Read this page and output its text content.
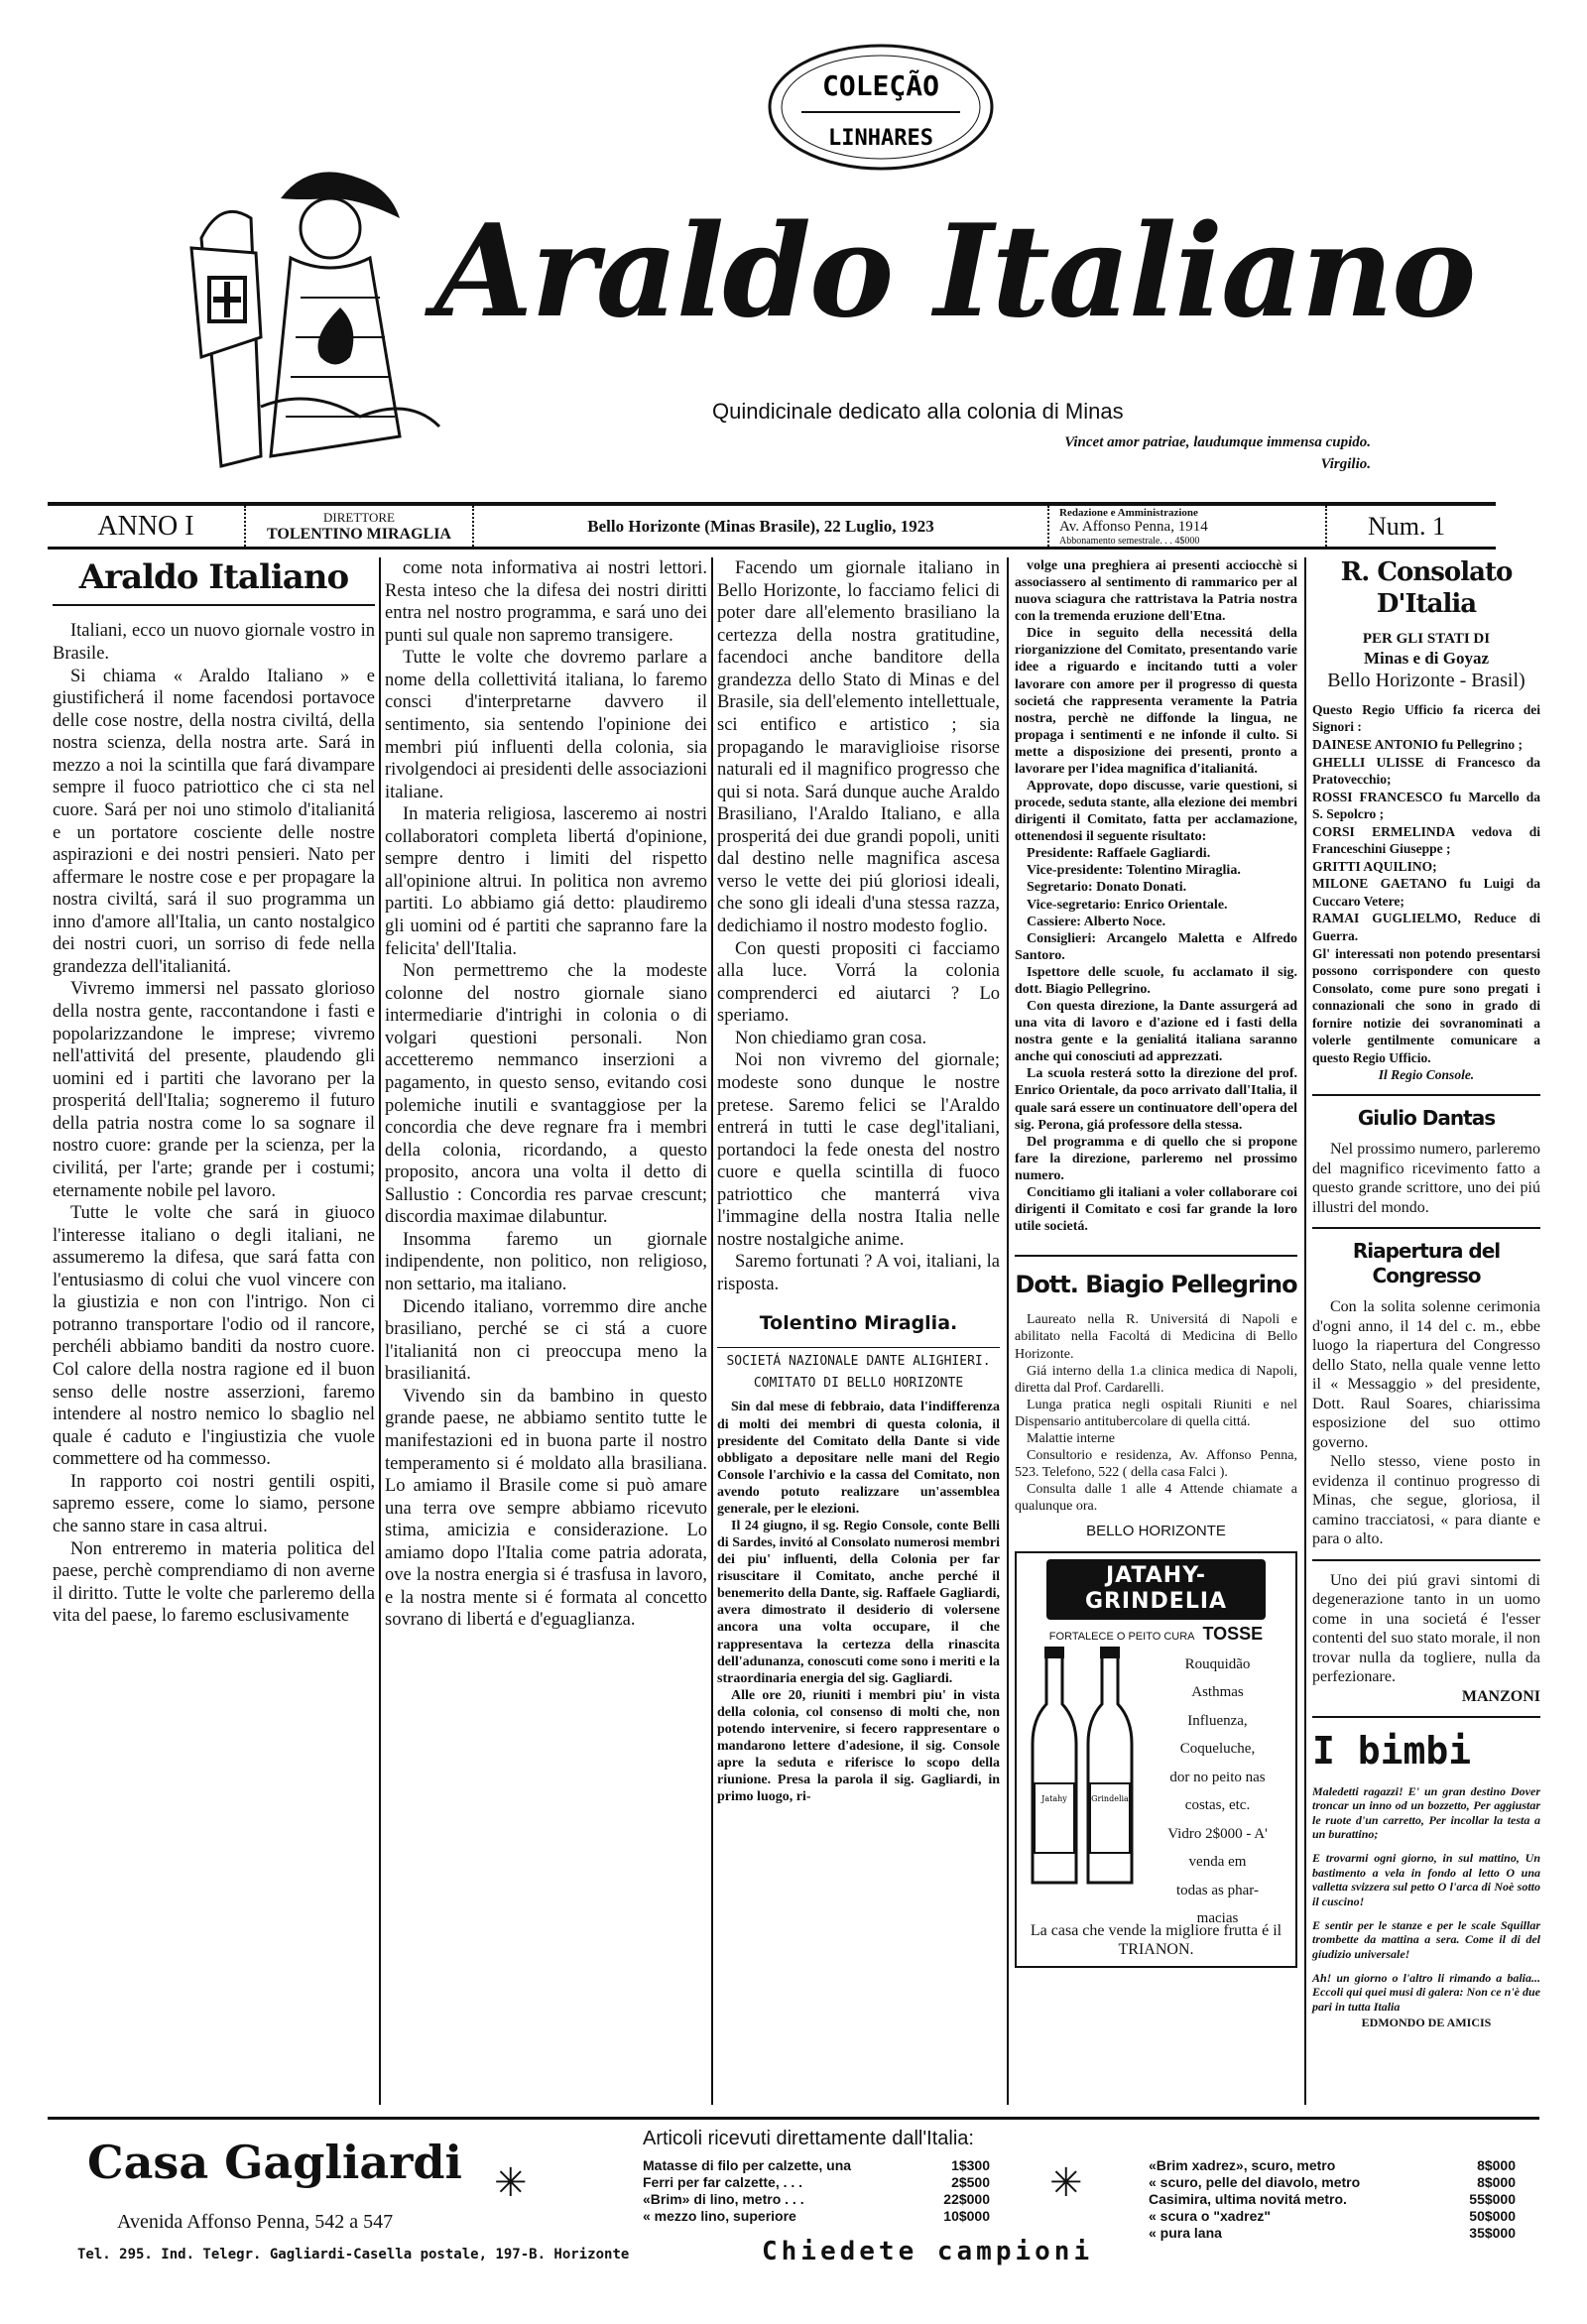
COLEÇÃO
LINHARES
Araldo Italiano
Quindicinale dedicato alla colonia di Minas
Vincet amor patriae, laudumque immensa cupido.
Virgilio.
ANNO I	DIRETTORE
TOLENTINO MIRAGLIA	Bello Horizonte (Minas Brasile), 22 Luglio, 1923
Redazione e Amministrazione
Av. Affonso Penna, 1914
Abbonamento semestrale. . . 4$000
Num. 1
Araldo Italiano

Italiani, ecco un nuovo giornale vostro in Brasile.

Si chiama « Araldo Italiano » e giustificherá il nome facendosi portavoce delle cose nostre, della nostra civiltá, della nostra scienza, della nostra arte. Sará in mezzo a noi la scintilla que fará divampare sempre il fuoco patriottico che ci sta nel cuore. Sará per noi uno stimolo d'italianitá e un portatore cosciente delle nostre aspirazioni e dei nostri pensieri. Nato per affermare le nostre cose e per propagare la nostra civiltá, sará il suo programma un inno d'amore all'Italia, un canto nostalgico dei nostri cuori, un sorriso di fede nella grandezza dell'italianitá.

Vivremo immersi nel passato glorioso della nostra gente, raccontandone i fasti e popolarizzandone le imprese; vivremo nell'attivitá del presente, plaudendo gli uomini ed i partiti che lavorano per la prosperitá dell'Italia; sogneremo il futuro della patria nostra come lo sa sognare il nostro cuore: grande per la scienza, per la civilitá, per l'arte; grande per i costumi; eternamente nobile pel lavoro.

Tutte le volte che sará in giuoco l'interesse italiano o degli italiani, ne assumeremo la difesa, que sará fatta con l'entusiasmo di colui che vuol vincere con la giustizia e non con l'intrigo. Non ci potranno transportare l'odio od il rancore, perchéli abbiamo banditi da nostro cuore. Col calore della nostra ragione ed il buon senso delle nostre asserzioni, faremo intendere al nostro nemico lo sbaglio nel quale é caduto e l'ingiustizia che vuole commettere od ha commesso.

In rapporto coi nostri gentili ospiti, sapremo essere, come lo siamo, persone che sanno stare in casa altrui.

Non entreremo in materia politica del paese, perchè comprendiamo di non averne il diritto. Tutte le volte che parleremo della vita del paese, lo faremo esclusivamente

come nota informativa ai nostri lettori. Resta inteso che la difesa dei nostri diritti entra nel nostro programma, e sará uno dei punti sul quale non sapremo transigere.

Tutte le volte che dovremo parlare a nome della collettivitá italiana, lo faremo consci d'interpretarne davvero il sentimento, sia sentendo l'opinione dei membri piú influenti della colonia, sia rivolgendoci ai presidenti delle associazioni italiane.

In materia religiosa, lasceremo ai nostri collaboratori completa libertá d'opinione, sempre dentro i limiti del rispetto all'opinione altrui. In politica non avremo partiti. Lo abbiamo giá detto: plaudiremo gli uomini od é partiti che sapranno fare la felicita' dell'Italia.

Non permettremo che la modeste colonne del nostro giornale siano intermediarie d'intrighi in colonia o di volgari questioni personali. Non accetteremo nemmanco inserzioni a pagamento, in questo senso, evitando cosi polemiche inutili e svantaggiose per la concordia che deve regnare fra i membri della colonia, ricordando, a questo proposito, ancora una volta il detto di Sallustio : Concordia res parvae crescunt; discordia maximae dilabuntur.

Insomma faremo un giornale indipendente, non politico, non religioso, non settario, ma italiano.

Dicendo italiano, vorremmo dire anche brasiliano, perché se ci stá a cuore l'italianitá non ci preoccupa meno la brasilianitá.

Vivendo sin da bambino in questo grande paese, ne abbiamo sentito tutte le manifestazioni ed in buona parte il nostro temperamento si é moldato alla brasiliana. Lo amiamo il Brasile come si può amare una terra ove sempre abbiamo ricevuto stima, amicizia e considerazione. Lo amiamo dopo l'Italia come patria adorata, ove la nostra energia si é trasfusa in lavoro, e la nostra mente si é formata al concetto sovrano di libertá e d'eguaglianza.

Facendo um giornale italiano in Bello Horizonte, lo facciamo felici di poter dare all'elemento brasiliano la certezza della nostra gratitudine, facendoci anche banditore della grandezza dello Stato di Minas e del Brasile, sia dell'elemento intellettuale, sci entifico e artistico ; sia propagando le maraviglioise risorse naturali ed il magnifico progresso che qui si nota. Sará dunque auche Araldo Brasiliano, l'Araldo Italiano, e alla prosperitá dei due grandi popoli, uniti dal destino nelle magnifica ascesa verso le vette dei piú gloriosi ideali, che sono gli ideali d'una stessa razza, dedichiamo il nostro modesto foglio.

Con questi propositi ci facciamo alla luce. Vorrá la colonia comprenderci ed aiutarci ? Lo speriamo.

Non chiediamo gran cosa.

Noi non vivremo del giornale; modeste sono dunque le nostre pretese. Saremo felici se l'Araldo entrerá in tutti le case degl'italiani, portandoci la fede onesta del nostro cuore e quella scintilla di fuoco patriottico che manterrá viva l'immagine della nostra Italia nelle nostre nostalgiche anime.

Saremo fortunati ? A voi, italiani, la risposta.

Tolentino Miraglia.
SOCIETÁ NAZIONALE DANTE ALIGHIERI.
COMITATO DI BELLO HORIZONTE

Sin dal mese di febbraio, data l'indifferenza di molti dei membri di questa colonia, il presidente del Comitato della Dante si vide obbligato a depositare nelle mani del Regio Console l'archivio e la cassa del Comitato, non avendo potuto realizzare un'assemblea generale, per le elezioni.

Il 24 giugno, il sg. Regio Console, conte Belli di Sardes, invitó al Consolato numerosi membri dei piu' influenti, della Colonia per far risuscitare il Comitato, anche perché il benemerito della Dante, sig. Raffaele Gagliardi, avera dimostrato il desiderio di volersene ancora una volta occupare, il che rappresentava la certezza della rinascita dell'adunanza, conoscuti come sono i meriti e la straordinaria energia del sig. Gagliardi.

Alle ore 20, riuniti i membri piu' in vista della colonia, col consenso di molti che, non potendo intervenire, si fecero rappresentare o mandarono lettere d'adesione, il sig. Console apre la seduta e riferisce lo scopo della riunione. Presa la parola il sig. Gagliardi, in primo luogo, ri-

volge una preghiera ai presenti acciocchè si associassero al sentimento di rammarico per al nuova sciagura che rattristava la Patria nostra con la tremenda eruzione dell'Etna.

Dice in seguito della necessitá della riorganizzione del Comitato, presentando varie idee a riguardo e incitando tutti a voler lavorare con amore per il progresso di questa societá che rappresenta veramente la Patria nostra, perchè ne diffonde la lingua, ne propaga i sentimenti e ne infonde il culto. Si mette a disposizione dei presenti, pronto a lavorare per l'idea magnifica d'italianitá.

Approvate, dopo discusse, varie questioni, si procede, seduta stante, alla elezione dei membri dirigenti il Comitato, fatta per acclamazione, ottenendosi il seguente risultato:

Presidente: Raffaele Gagliardi.

Vice-presidente: Tolentino Miraglia.

Segretario: Donato Donati.

Vice-segretario: Enrico Orientale.

Cassiere: Alberto Noce.

Consiglieri: Arcangelo Maletta e Alfredo Santoro.

Ispettore delle scuole, fu acclamato il sig. dott. Biagio Pellegrino.

Con questa direzione, la Dante assurgerá ad una vita di lavoro e d'azione ed i fasti della nostra gente e la genialitá italiana saranno anche qui conosciuti ad apprezzati.

La scuola resterá sotto la direzione del prof. Enrico Orientale, da poco arrivato dall'Italia, il quale sará essere un continuatore dell'opera del sig. Perona, giá professore della stessa.

Del programma e di quello che si propone fare la direzione, parleremo nel prossimo numero.

Concitiamo gli italiani a voler collaborare coi dirigenti il Comitato e cosi far grande la loro utile societá.

Dott. Biagio Pellegrino

Laureato nella R. Universitá di Napoli e abilitato nella Facoltá di Medicina di Bello Horizonte.

Giá interno della 1.a clinica medica di Napoli, diretta dal Prof. Cardarelli.

Lunga pratica negli ospitali Riuniti e nel Dispensario antitubercolare di quella cittá.

Malattie interne

Consultorio e residenza, Av. Affonso Penna, 523. Telefono, 522 ( della casa Falci ).

Consulta dalle 1 alle 4 Attende chiamate a qualunque ora.

BELLO HORIZONTE
JATAHY-GRINDELIA
FORTALECE O PEITO CURA TOSSE
Jatahy	Grindelia
Rouquidão
Asthmas
Influenza,
Coqueluche,
dor no peito nas
costas, etc.
Vidro 2$000 - A'
venda em
todas as phar-
macias
La casa che vende la migliore frutta é il TRIANON.
R. Consolato D'Italia
PER GLI STATI DI
Minas e di Goyaz
Bello Horizonte - Brasil)

Questo Regio Ufficio fa ricerca dei Signori :

DAINESE ANTONIO fu Pellegrino ;

GHELLI ULISSE di Francesco da Pratovecchio;

ROSSI FRANCESCO fu Marcello da S. Sepolcro ;

CORSI ERMELINDA vedova di Franceschini Giuseppe ;

GRITTI AQUILINO;

MILONE GAETANO fu Luigi da Cuccaro Vetere;

RAMAI GUGLIELMO, Reduce di Guerra.

Gl' interessati non potendo presentarsi possono corrispondere con questo Consolato, come pure sono pregati i connazionali che sono in grado di fornire notizie dei sovranominati a volerle gentilmente comunicare a questo Regio Ufficio.

Il Regio Console.

Giulio Dantas

Nel prossimo numero, parleremo del magnifico ricevimento fatto a questo grande scrittore, uno dei piú illustri del mondo.

Riapertura del Congresso

Con la solita solenne cerimonia d'ogni anno, il 14 del c. m., ebbe luogo la riapertura del Congresso dello Stato, nella quale venne letto il « Messaggio » del presidente, Dott. Raul Soares, chiarissima esposizione del suo ottimo governo.

Nello stesso, viene posto in evidenza il continuo progresso di Minas, che segue, gloriosa, il camino tracciatosi, « para diante e para o alto.

Uno dei piú gravi sintomi di degenerazione tanto in un uomo come in una societá é l'esser contenti del suo stato morale, il non trovar nulla da togliere, nulla da perfezionare.

MANZONI
I bimbi

Maledetti ragazzi! E' un gran destino Dover troncar un inno od un bozzetto, Per aggiustar le ruote d'un carretto, Per incollar la testa a un burattino;

E trovarmi ogni giorno, in sul mattino, Un bastimento a vela in fondo al letto O una valletta svizzera sul petto O l'arca di Noè sotto il cuscino!

E sentir per le stanze e per le scale Squillar trombette da mattina a sera. Come il di del giudizio universale!

Ah! un giorno o l'altro li rimando a balia... Eccoli qui quei musi di galera: Non ce n'è due pari in tutta Italia

EDMONDO DE AMICIS

Casa Gagliardi
Avenida Affonso Penna, 542 a 547
Tel. 295. Ind. Telegr. Gagliardi-Casella postale, 197-B. Horizonte
✳	✳
Articoli ricevuti direttamente dall'Italia:
Matasse di filo per calzette, una	1$300
Ferri per far calzette, . . .	2$500
«Brim» di lino, metro . . .	22$000
« mezzo lino, superiore	10$000
«Brim xadrez», scuro, metro	8$000
« scuro, pelle del diavolo, metro	8$000
Casimira, ultima novitá metro.	55$000
« scura o "xadrez"	50$000
« pura lana	35$000
Chiedete campioni
